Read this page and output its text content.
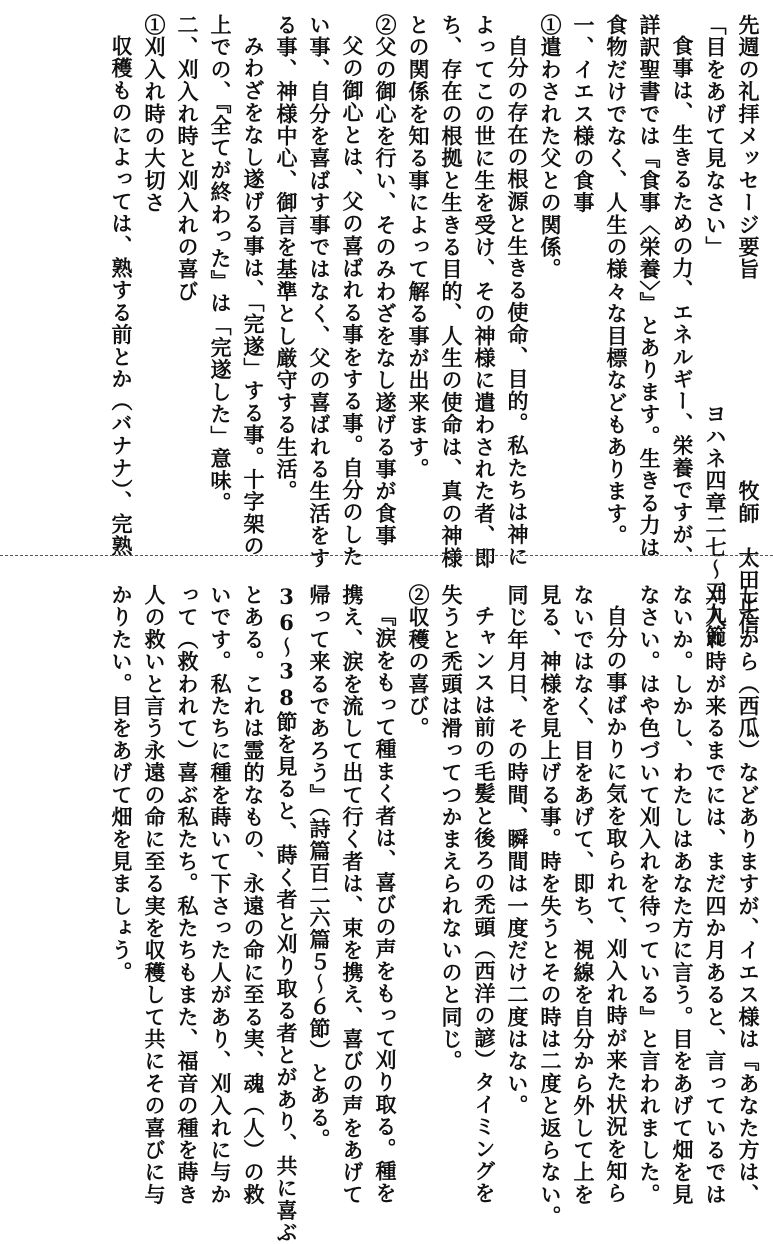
先週の礼拝メッセージ要旨　　　　　　　　　牧師　太田正信
「目をあげて見なさい」　　　　　　　ヨハネ四章二七〜三九節
食事は、生きるための力、エネルギー、栄養ですが、
詳訳聖書では『食事〈栄養〉』とあります。生きる力は
食物だけでなく、人生の様々な目標などもあります。
一、イエス様の食事
①遣わされた父との関係。
自分の存在の根源と生きる使命、目的。私たちは神に
よってこの世に生を受け、その神様に遣わされた者、即
ち、存在の根拠と生きる目的、人生の使命は、真の神様
との関係を知る事によって解る事が出来ます。
②父の御心を行い、そのみわざをなし遂げる事が食事
父の御心とは、父の喜ばれる事をする事。自分のした
い事、自分を喜ばす事ではなく、父の喜ばれる生活をす
る事、神様中心、御言を基準とし厳守する生活。
みわざをなし遂げる事は、「完遂」する事。十字架の
上での、『全てが終わった』は「完遂した」意味。
二、刈入れ時と刈入れの喜び
①刈入れ時の大切さ
収穫ものによっては、熟する前とか（バナナ）、完熟
してから（西瓜）などありますが、イエス様は『あなた方は、
刈入れ時が来るまでには、まだ四か月あると、言っているでは
ないか。しかし、わたしはあなた方に言う。目をあげて畑を見
なさい。はや色づいて刈入れを待っている』と言われました。
自分の事ばかりに気を取られて、刈入れ時が来た状況を知ら
ないではなく、目をあげて、即ち、視線を自分から外して上を
見る、神様を見上げる事。時を失うとその時は二度と返らない。
同じ年月日、その時間、瞬間は一度だけ二度はない。
チャンスは前の毛髪と後ろの禿頭（西洋の諺）タイミングを
失うと禿頭は滑ってつかまえられないのと同じ。
②収穫の喜び。
『涙をもって種まく者は、喜びの声をもって刈り取る。種を
携え、涙を流して出て行く者は、束を携え、喜びの声をあげて
帰って来るであろう』（詩篇百二六篇５〜６節）とある。
36〜38節を見ると、蒔く者と刈り取る者とがあり、共に喜ぶ
とある。これは霊的なもの、永遠の命に至る実、魂（人）の救
いです。私たちに種を蒔いて下さった人があり、刈入れに与か
って（救われて）喜ぶ私たち。私たちもまた、福音の種を蒔き
人の救いと言う永遠の命に至る実を収穫して共にその喜びに与
かりたい。目をあげて畑を見ましょう。
